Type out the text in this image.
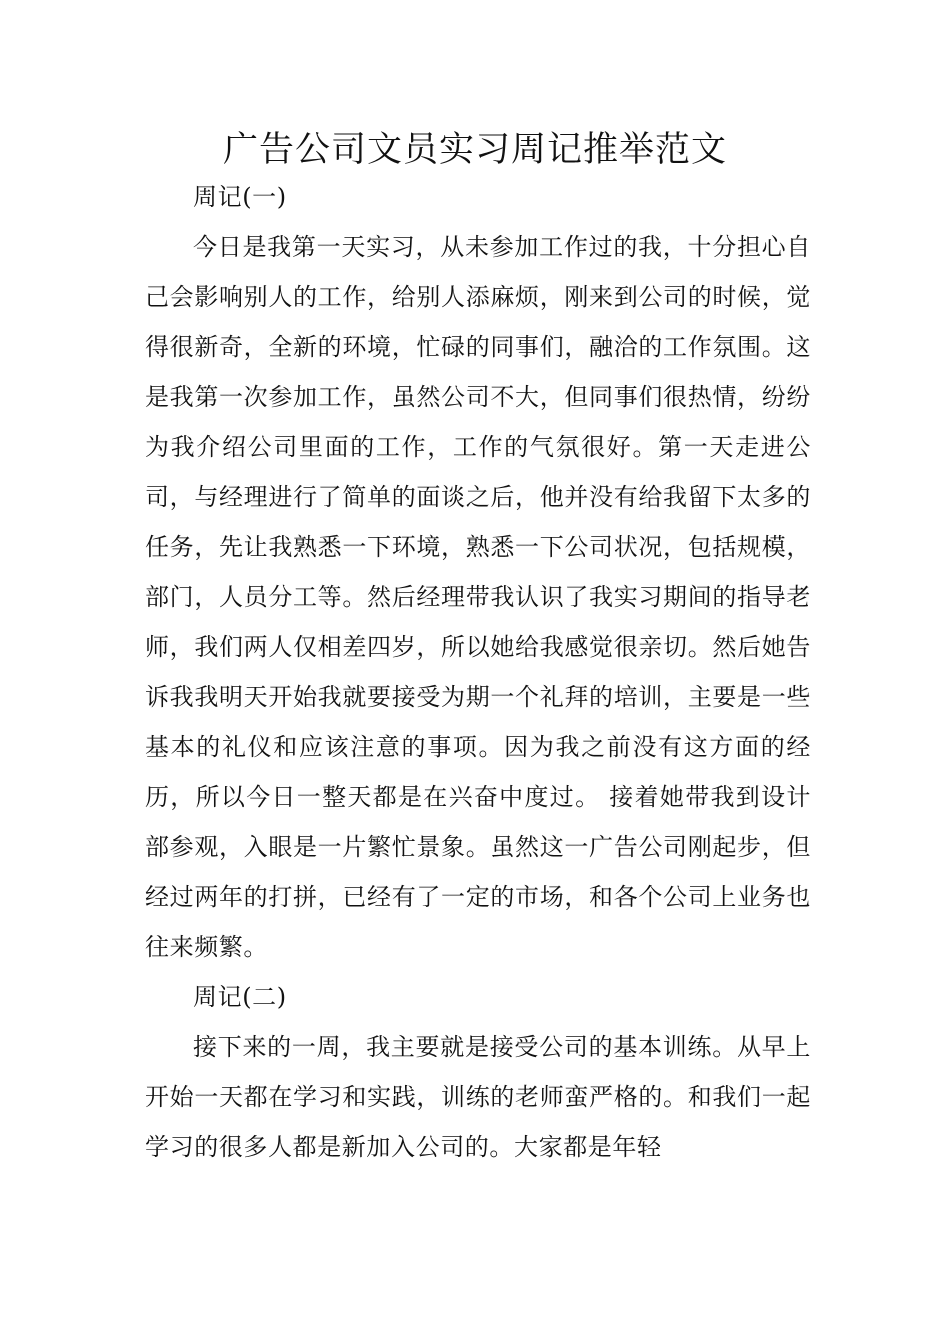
广告公司文员实习周记推举范文

周记(一)

今日是我第一天实习，从未参加工作过的我，十分担心自己会影响别人的工作，给别人添麻烦，刚来到公司的时候，觉得很新奇，全新的环境，忙碌的同事们，融洽的工作氛围。这是我第一次参加工作，虽然公司不大，但同事们很热情，纷纷为我介绍公司里面的工作，工作的气氛很好。第一天走进公司，与经理进行了简单的面谈之后，他并没有给我留下太多的任务，先让我熟悉一下环境，熟悉一下公司状况，包括规模，部门，人员分工等。然后经理带我认识了我实习期间的指导老师，我们两人仅相差四岁，所以她给我感觉很亲切。然后她告诉我我明天开始我就要接受为期一个礼拜的培训，主要是一些基本的礼仪和应该注意的事项。因为我之前没有这方面的经历，所以今日一整天都是在兴奋中度过。 接着她带我到设计部参观，入眼是一片繁忙景象。虽然这一广告公司刚起步，但经过两年的打拼，已经有了一定的市场，和各个公司上业务也往来频繁。

周记(二)

接下来的一周，我主要就是接受公司的基本训练。从早上开始一天都在学习和实践，训练的老师蛮严格的。和我们一起学习的很多人都是新加入公司的。大家都是年轻
